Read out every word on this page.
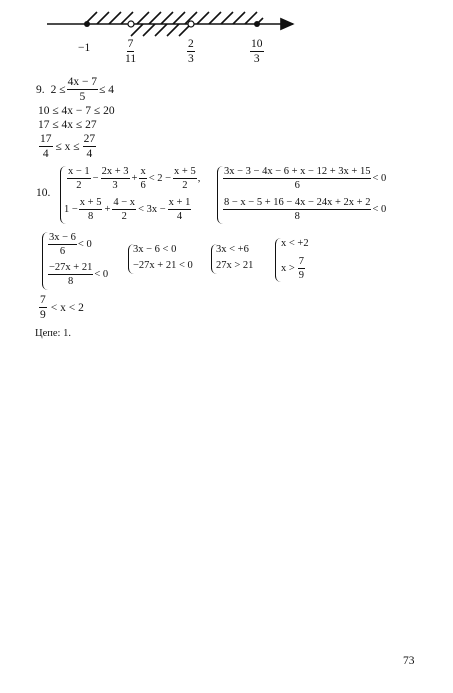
−1	$\frac{7}{11}$	$\frac{2}{3}$	$\frac{10}{3}$
9. $2 \le \frac{4x - 7}{5} \le 4$
10 ≤ 4x − 7 ≤ 20
17 ≤ 4x ≤ 27
$\frac{17}{4} \le x \le \frac{27}{4}$
10.
$\frac{x - 1}{2} - \frac{2x + 3}{3} + \frac{x}{6} < 2 - \frac{x + 5}{2}$ ,
$1 - \frac{x + 5}{8} + \frac{4 - x}{2} < 3x - \frac{x + 1}{4}$
$\frac{3x - 3 - 4x - 6 + x - 12 + 3x + 15}{6} < 0$
$\frac{8 - x - 5 + 16 - 4x - 24x + 2x + 2}{8} < 0$
$\frac{3x - 6}{6} < 0$
$\frac{-27x + 21}{8} < 0$
3x − 6 < 0
−27x + 21 < 0
3x < +6
27x > 21
x < +2
$x > \frac{7}{9}$
$\frac{7}{9} < x < 2$
Цепе: 1.
73
